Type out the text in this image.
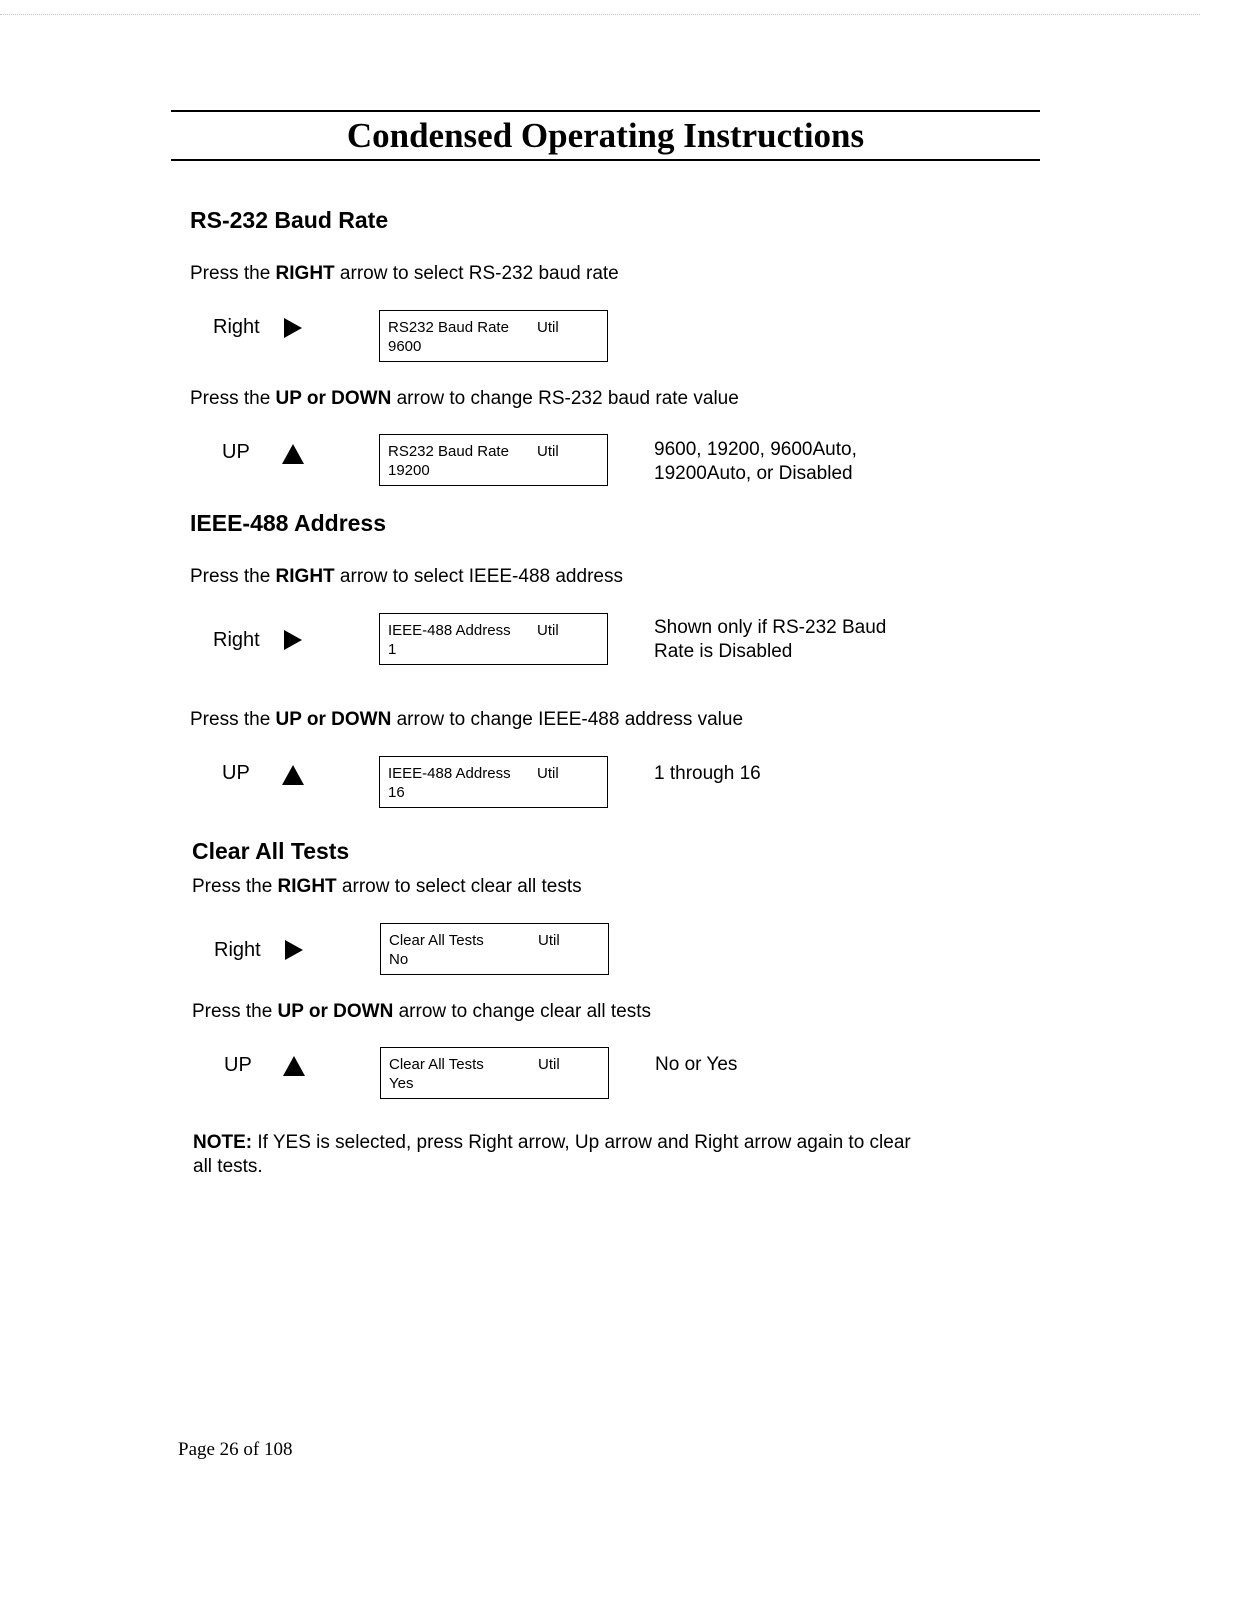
Condensed Operating Instructions
RS-232 Baud Rate
Press the RIGHT arrow to select RS-232 baud rate
Right	RS232 Baud Rate Util
9600
Press the UP or DOWN arrow to change RS-232 baud rate value
UP	RS232 Baud Rate Util
19200
9600, 19200, 9600Auto, 19200Auto, or Disabled
IEEE-488 Address
Press the RIGHT arrow to select IEEE-488 address
Right	IEEE-488 Address Util
1
Shown only if RS-232 Baud Rate is Disabled
Press the UP or DOWN arrow to change IEEE-488 address value
UP	IEEE-488 Address Util
16
1 through 16
Clear All Tests
Press the RIGHT arrow to select clear all tests
Right	Clear All Tests	Util
No
Press the UP or DOWN arrow to change clear all tests
UP	Clear All Tests	Util
Yes
No or Yes
NOTE: If YES is selected, press Right arrow, Up arrow and Right arrow again to clear all tests.
Page 26 of 108
